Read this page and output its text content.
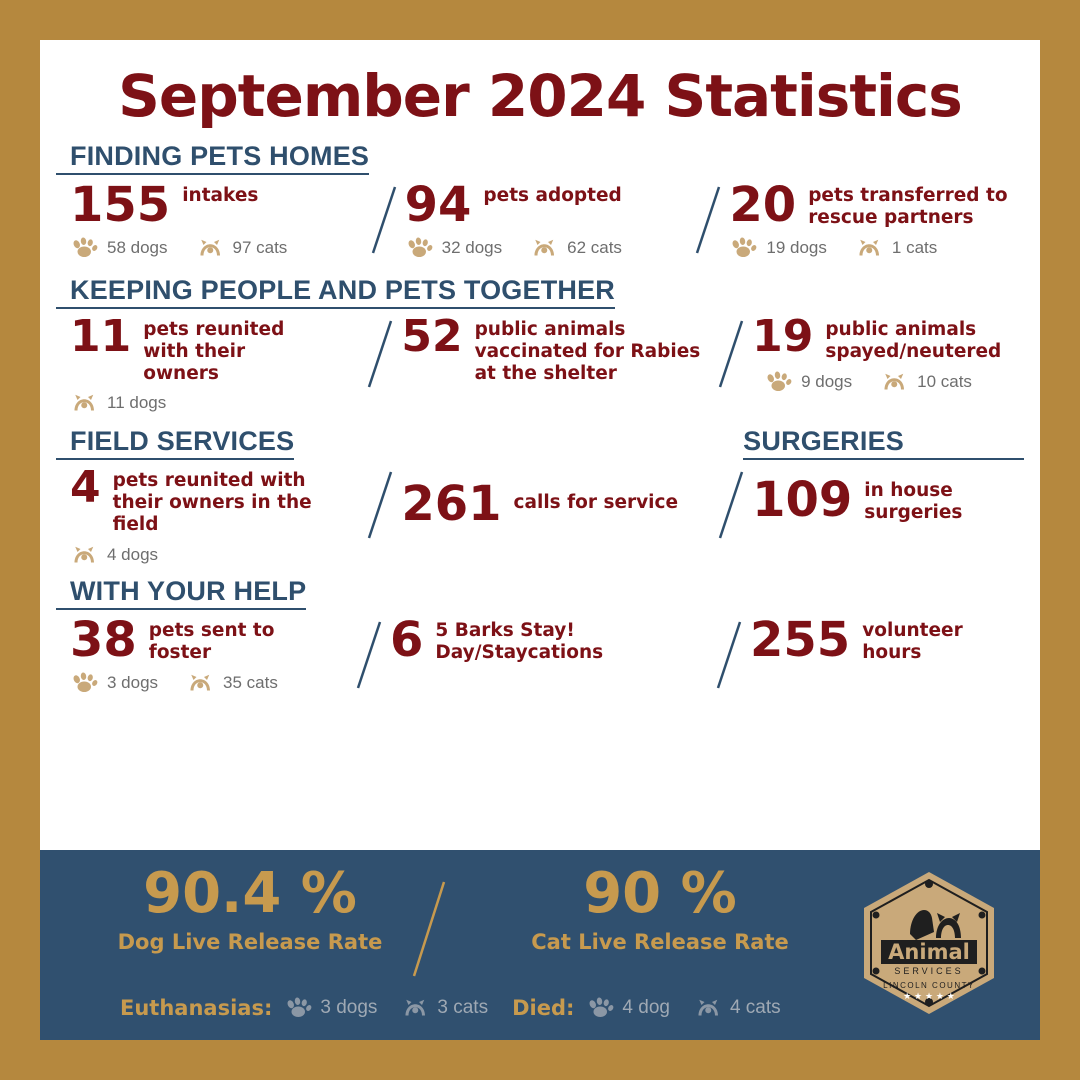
September 2024 Statistics
FINDING PETS HOMES
155 intakes
58 dogs	97 cats
94 pets adopted
32 dogs	62 cats
20 pets transferred to rescue partners
19 dogs	1 cats
KEEPING PEOPLE AND PETS TOGETHER
11 pets reunited with their owners
11 dogs
52 public animals vaccinated for Rabies at the shelter
19 public animals spayed/neutered
9 dogs	10 cats
FIELD SERVICES	SURGERIES
4 pets reunited with their owners in the field
4 dogs
261 calls for service 109 in house surgeries
WITH YOUR HELP
38 pets sent to foster
3 dogs	35 cats
6 5 Barks Stay! Day/Staycations	255 volunteer hours
90.4 %
Dog Live Release Rate
90 %
Cat Live Release Rate
Euthanasias:	3 dogs	3 cats Died:	4 dog	4 cats
Animal
SERVICES
LINCOLN COUNTY
★ ★ ★ ★ ★
